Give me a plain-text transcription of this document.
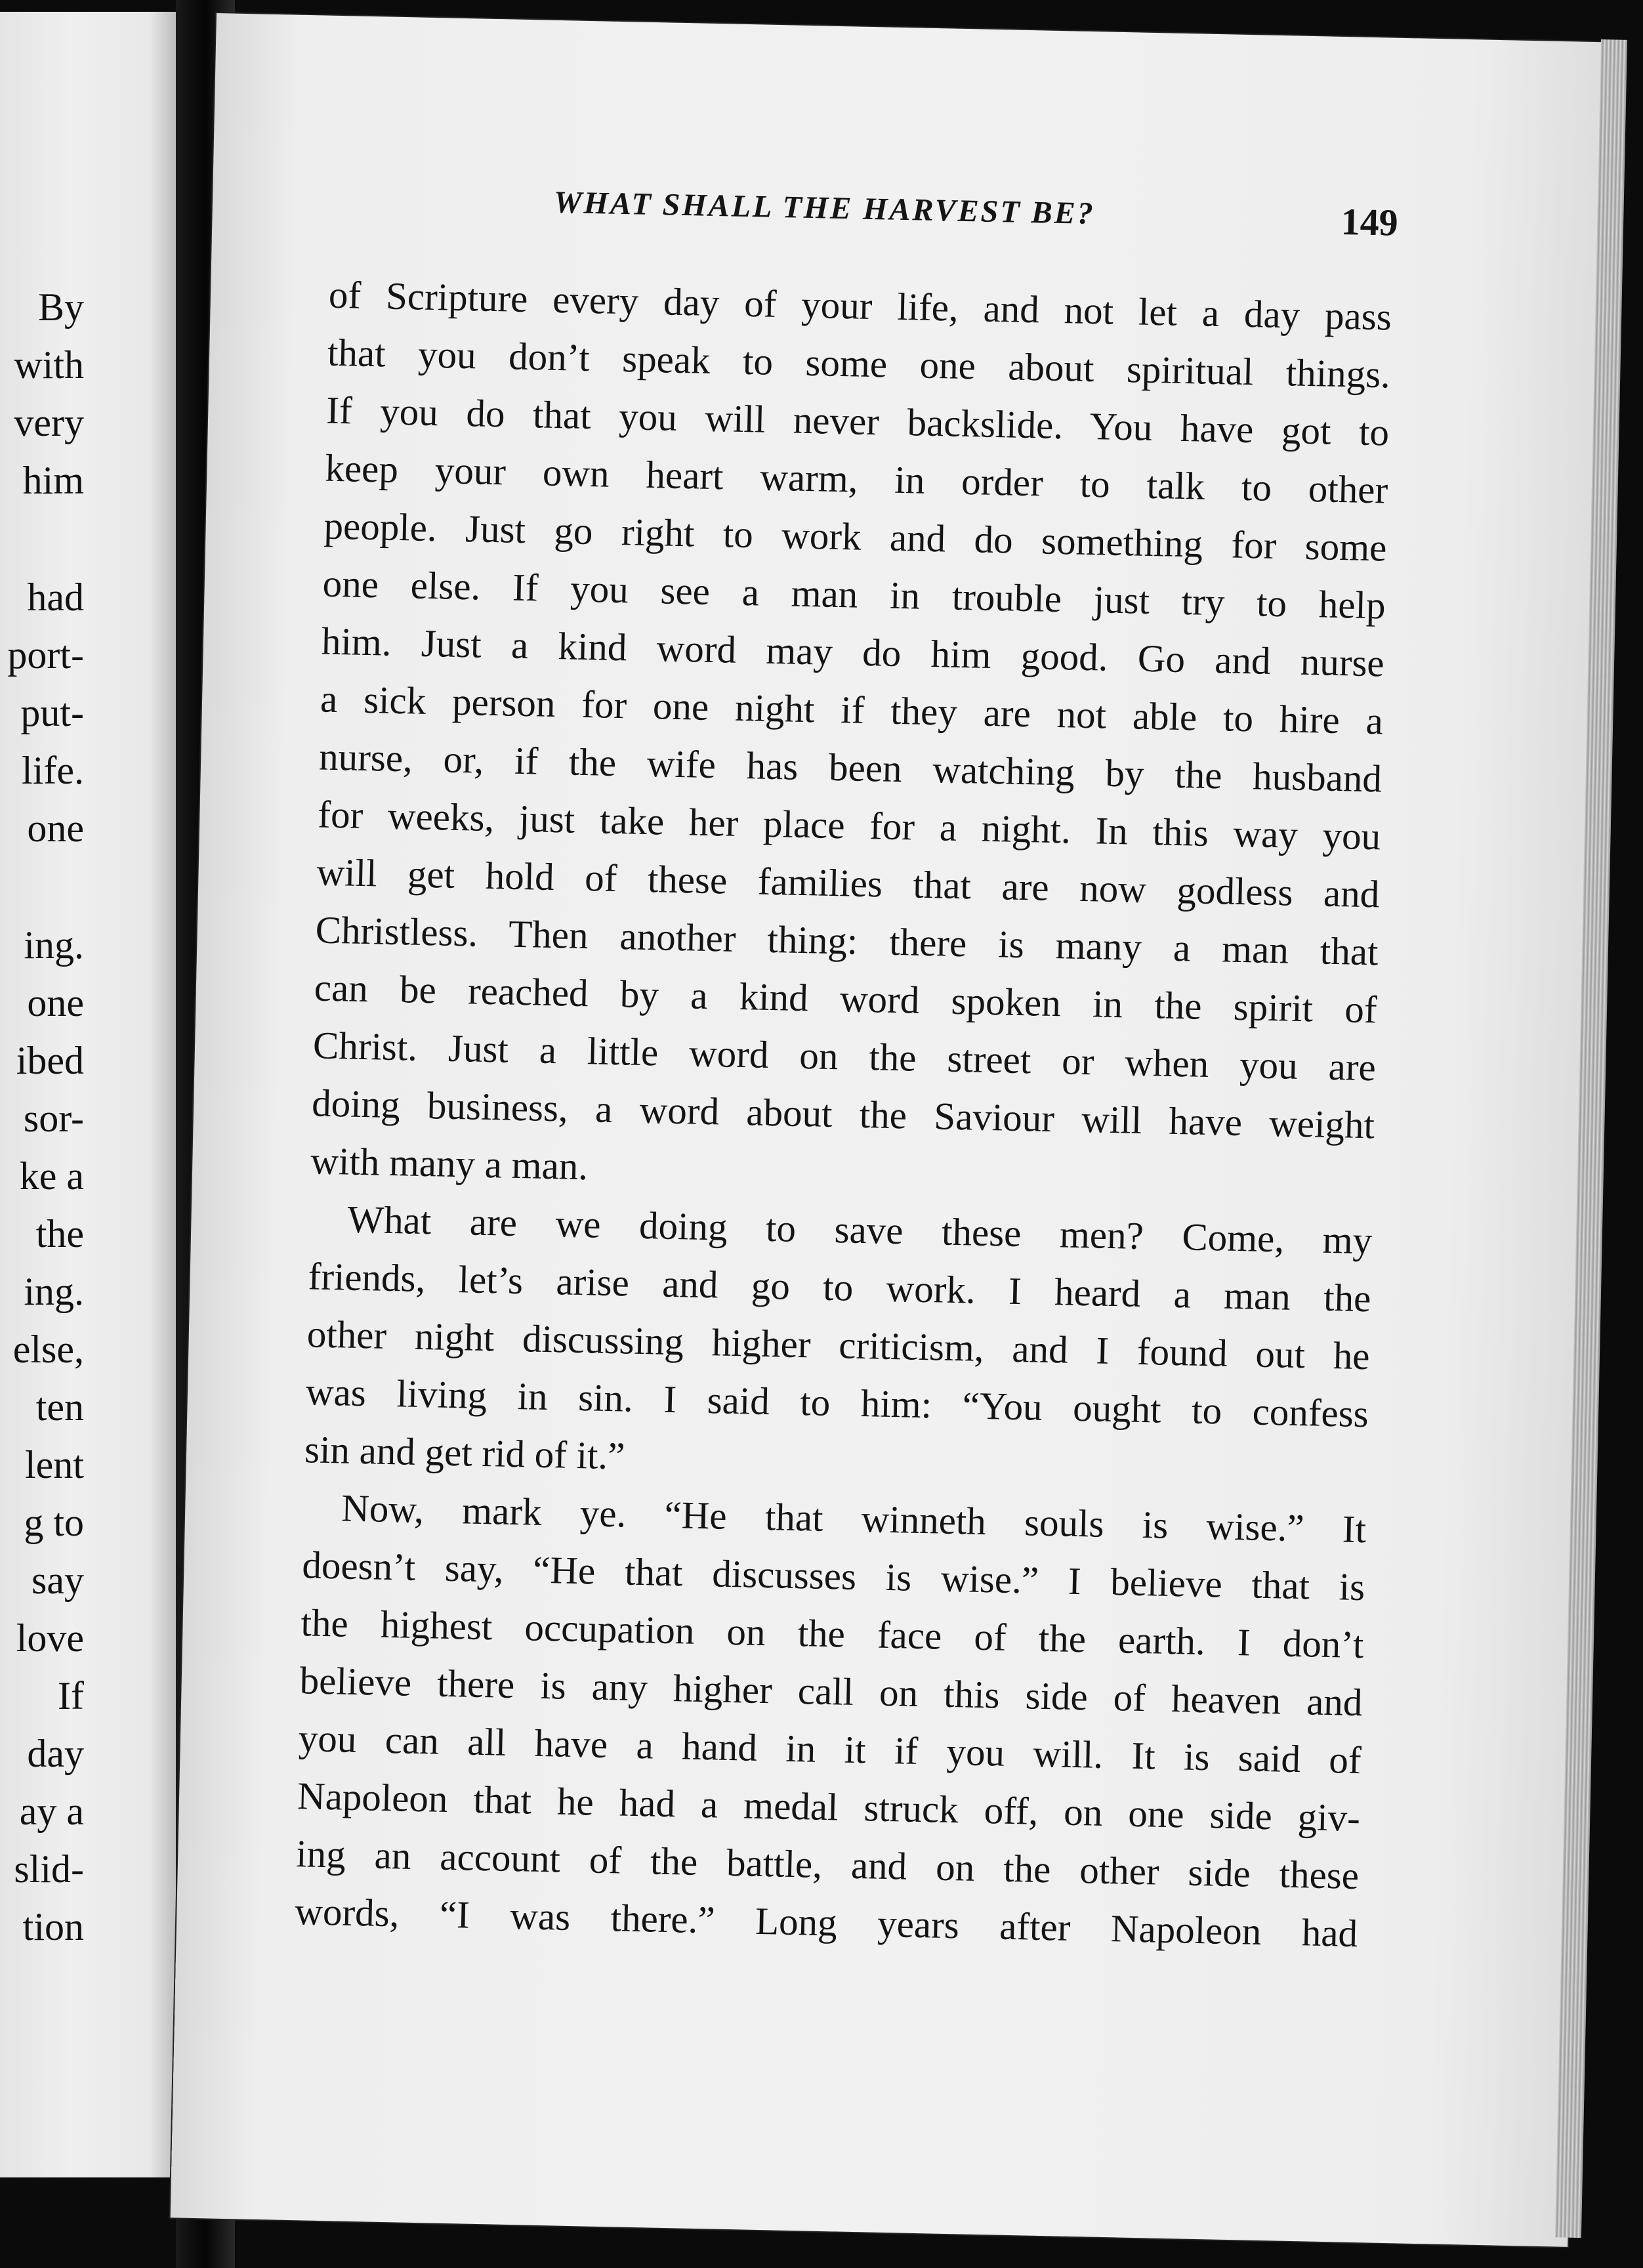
By
with
very
him
had
port-
put-
life.
one
ing.
one
ibed
sor-
ke a
the
ing.
else,
ten
lent
g to
say
love
If
day
ay a
slid-
tion
WHAT SHALL THE HARVEST BE?	149
of Scripture every day of your life, and not let a day pass
that you don’t speak to some one about spiritual things.
If you do that you will never backslide. You have got to
keep your own heart warm, in order to talk to other
people. Just go right to work and do something for some
one else. If you see a man in trouble just try to help
him. Just a kind word may do him good. Go and nurse
a sick person for one night if they are not able to hire a
nurse, or, if the wife has been watching by the husband
for weeks, just take her place for a night. In this way you
will get hold of these families that are now godless and
Christless. Then another thing: there is many a man that
can be reached by a kind word spoken in the spirit of
Christ. Just a little word on the street or when you are
doing business, a word about the Saviour will have weight
with many a man.
What are we doing to save these men? Come, my
friends, let’s arise and go to work. I heard a man the
other night discussing higher criticism, and I found out he
was living in sin. I said to him: “You ought to confess
sin and get rid of it.”
Now, mark ye. “He that winneth souls is wise.” It
doesn’t say, “He that discusses is wise.” I believe that is
the highest occupation on the face of the earth. I don’t
believe there is any higher call on this side of heaven and
you can all have a hand in it if you will. It is said of
Napoleon that he had a medal struck off, on one side giv-
ing an account of the battle, and on the other side these
words, “I was there.” Long years after Napoleon had
